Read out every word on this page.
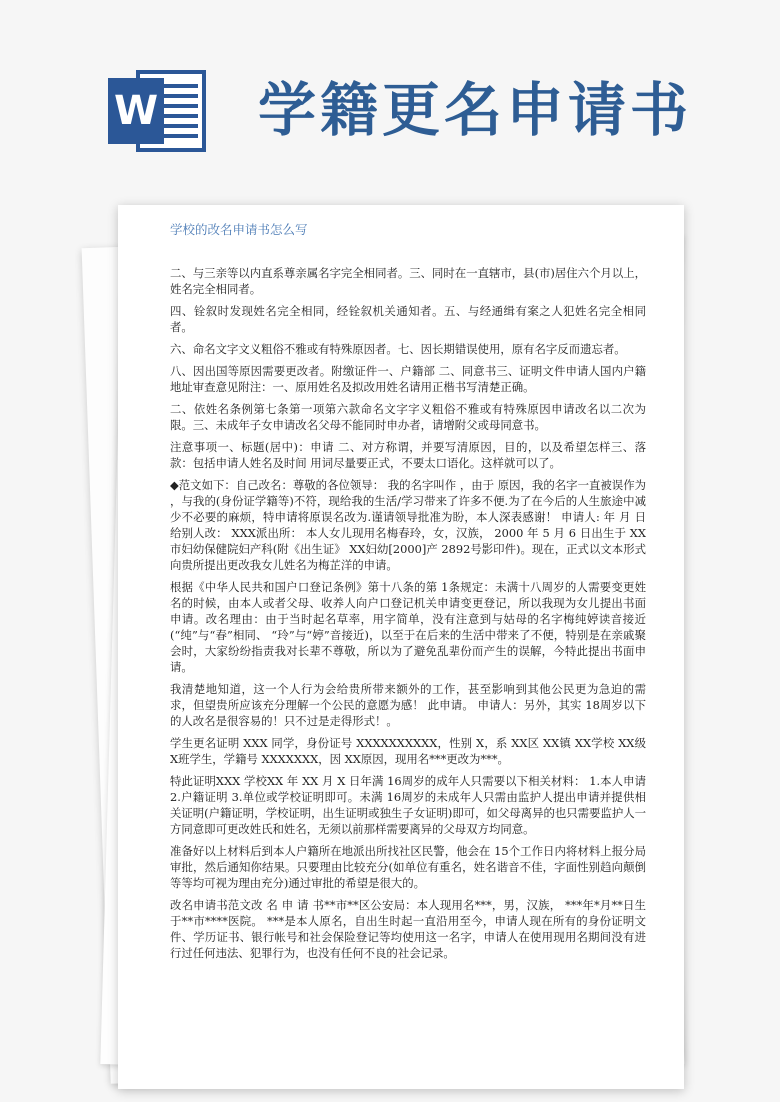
W 学籍更名申请书
学校的改名申请书怎么写

二、与三亲等以内直系尊亲属名字完全相同者。三、同时在一直辖市，县(市)居住六个月以上，姓名完全相同者。

四、铨叙时发现姓名完全相同，经铨叙机关通知者。五、与经通缉有案之人犯姓名完全相同者。

六、命名文字文义粗俗不雅或有特殊原因者。七、因长期错误使用，原有名字反而遗忘者。

八、因出国等原因需要更改者。附缴证件一、户籍部 二、同意书三、证明文件申请人国内户籍地址审查意见附注：一、原用姓名及拟改用姓名请用正楷书写清楚正确。

二、依姓名条例第七条第一项第六款命名文字字义粗俗不雅或有特殊原因申请改名以二次为限。三、未成年子女申请改名父母不能同时申办者，请增附父或母同意书。

注意事项一、标题(居中)：申请 二、对方称谓，并要写清原因，目的，以及希望怎样三、落款：包括申请人姓名及时间 用词尽量要正式，不要太口语化。这样就可以了。

◆范文如下：自己改名：尊敬的各位领导： 我的名字叫作 ，由于 原因，我的名字一直被误作为 ，与我的(身份证学籍等)不符，现给我的生活/学习带来了许多不便.为了在今后的人生旅途中减少不必要的麻烦，特申请将原误名改为.谨请领导批准为盼，本人深表感谢！ 申请人: 年 月 日 给别人改： XXX派出所： 本人女儿现用名梅春玲，女，汉族， 2000 年 5 月 6 日出生于 XX市妇幼保健院妇产科(附《出生证》 XX妇幼[2000]产 2892号影印件)。现在，正式以文本形式向贵所提出更改我女儿姓名为梅芷洋的申请。

根据《中华人民共和国户口登记条例》第十八条的第 1条规定：未满十八周岁的人需要变更姓名的时候，由本人或者父母、收养人向户口登记机关申请变更登记，所以我现为女儿提出书面申请。改名理由：由于当时起名草率，用字简单，没有注意到与姑母的名字梅纯婷读音接近 (“纯”与“春”相同、 “玲”与“婷”音接近)，以至于在后来的生活中带来了不便，特别是在亲戚聚会时，大家纷纷指责我对长辈不尊敬，所以为了避免乱辈份而产生的误解，今特此提出书面申请。

我清楚地知道，这一个人行为会给贵所带来额外的工作，甚至影响到其他公民更为急迫的需求，但望贵所应该充分理解一个公民的意愿为感！ 此申请。 申请人：另外，其实 18周岁以下的人改名是很容易的！只不过是走得形式！。

学生更名证明 XXX 同学，身份证号 XXXXXXXXXX，性别 X，系 XX区 XX镇 XX学校 XX级 X班学生，学籍号 XXXXXXX，因 XX原因，现用名***更改为***。

特此证明XXX 学校XX 年 XX 月 X 日年满 16周岁的成年人只需要以下相关材料： 1.本人申请 2.户籍证明 3.单位或学校证明即可。未满 16周岁的未成年人只需由监护人提出申请并提供相关证明(户籍证明，学校证明，出生证明或独生子女证明)即可，如父母离异的也只需要监护人一方同意即可更改姓氏和姓名，无须以前那样需要离异的父母双方均同意。

准备好以上材料后到本人户籍所在地派出所找社区民警，他会在 15个工作日内将材料上报分局审批，然后通知你结果。只要理由比较充分(如单位有重名，姓名谐音不佳，字面性别趋向颠倒等等均可视为理由充分)通过审批的希望是很大的。

改名申请书范文改 名 申 请 书**市**区公安局：本人现用名***，男，汉族， ***年*月**日生于**市****医院。 ***是本人原名，自出生时起一直沿用至今，申请人现在所有的身份证明文件、学历证书、银行帐号和社会保险登记等均使用这一名字，申请人在使用现用名期间没有进行过任何违法、犯罪行为，也没有任何不良的社会记录。
